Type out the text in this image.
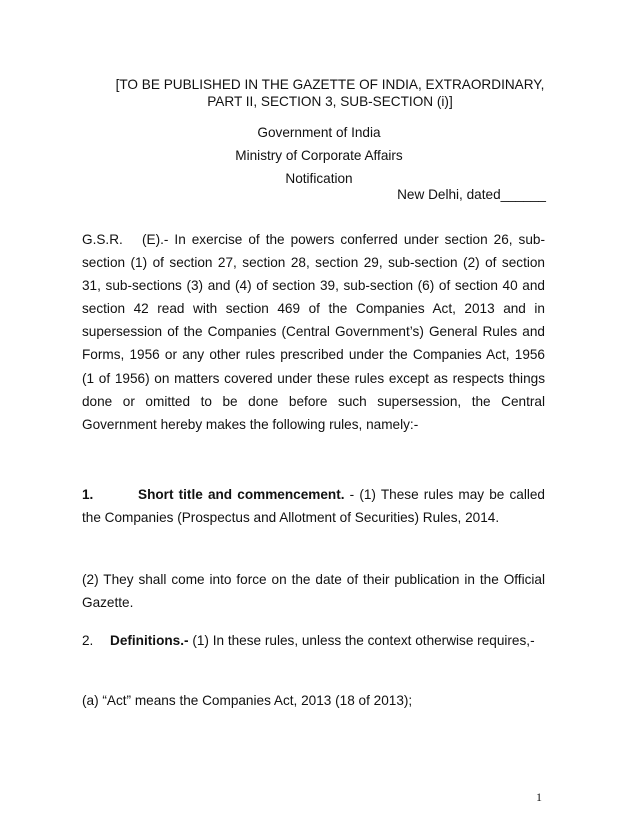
[TO BE PUBLISHED IN THE GAZETTE OF INDIA, EXTRAORDINARY,
PART II, SECTION 3, SUB-SECTION (i)]
Government of India
Ministry of Corporate Affairs
Notification
New Delhi, dated______

G.S.R. (E).- In exercise of the powers conferred under section 26, sub-section (1) of section 27, section 28, section 29, sub-section (2) of section 31, sub-sections (3) and (4) of section 39, sub-section (6) of section 40 and section 42 read with section 469 of the Companies Act, 2013 and in supersession of the Companies (Central Government’s) General Rules and Forms, 1956 or any other rules prescribed under the Companies Act, 1956 (1 of 1956) on matters covered under these rules except as respects things done or omitted to be done before such supersession, the Central Government hereby makes the following rules, namely:-

1.	Short title and commencement. - (1) These rules may be called the Companies (Prospectus and Allotment of Securities) Rules, 2014.

(2) They shall come into force on the date of their publication in the Official Gazette.

2. Definitions.- (1) In these rules, unless the context otherwise requires,-

(a) “Act” means the Companies Act, 2013 (18 of 2013);

1
